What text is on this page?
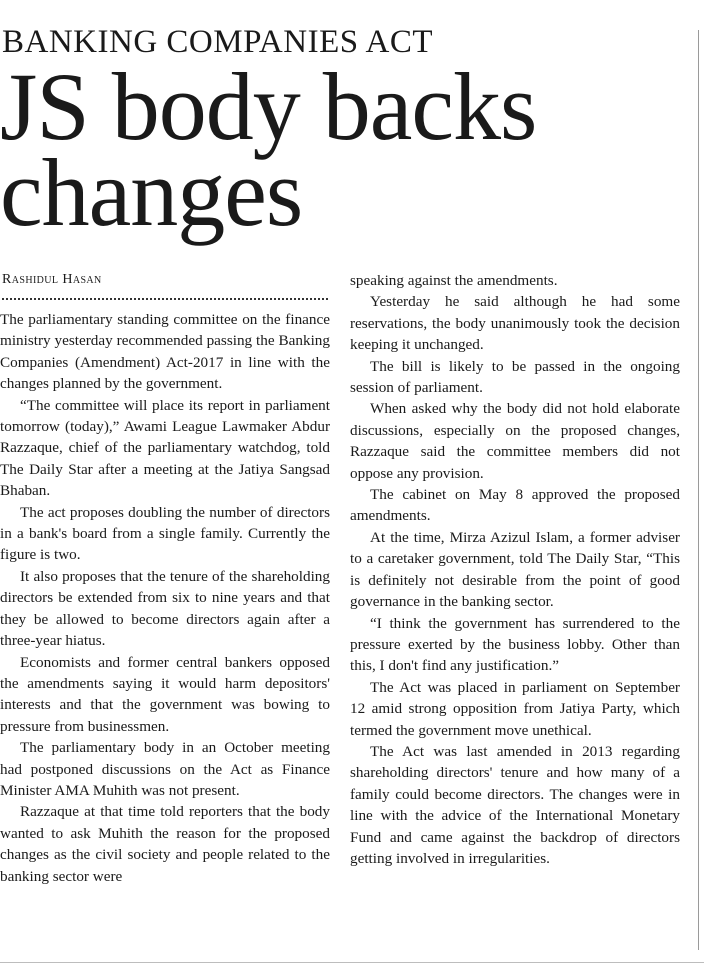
BANKING COMPANIES ACT
JS body backs changes
Rashidul Hasan

The parliamentary standing committee on the finance ministry yesterday recommended passing the Banking Companies (Amendment) Act-2017 in line with the changes planned by the government.

“The committee will place its report in parliament tomorrow (today),” Awami League Lawmaker Abdur Razzaque, chief of the parliamentary watchdog, told The Daily Star after a meeting at the Jatiya Sangsad Bhaban.

The act proposes doubling the number of directors in a bank's board from a single family. Currently the figure is two.

It also proposes that the tenure of the shareholding directors be extended from six to nine years and that they be allowed to become directors again after a three-year hiatus.

Economists and former central bankers opposed the amendments saying it would harm depositors' interests and that the government was bowing to pressure from businessmen.

The parliamentary body in an October meeting had postponed discussions on the Act as Finance Minister AMA Muhith was not present.

Razzaque at that time told reporters that the body wanted to ask Muhith the reason for the proposed changes as the civil society and people related to the banking sector were

speaking against the amendments.

Yesterday he said although he had some reservations, the body unanimously took the decision keeping it unchanged.

The bill is likely to be passed in the ongoing session of parliament.

When asked why the body did not hold elaborate discussions, especially on the proposed changes, Razzaque said the committee members did not oppose any provision.

The cabinet on May 8 approved the proposed amendments.

At the time, Mirza Azizul Islam, a former adviser to a caretaker government, told The Daily Star, “This is definitely not desirable from the point of good governance in the banking sector.

“I think the government has surrendered to the pressure exerted by the business lobby. Other than this, I don't find any justification.”

The Act was placed in parliament on September 12 amid strong opposition from Jatiya Party, which termed the government move unethical.

The Act was last amended in 2013 regarding shareholding directors' tenure and how many of a family could become directors. The changes were in line with the advice of the International Monetary Fund and came against the backdrop of directors getting involved in irregularities.
